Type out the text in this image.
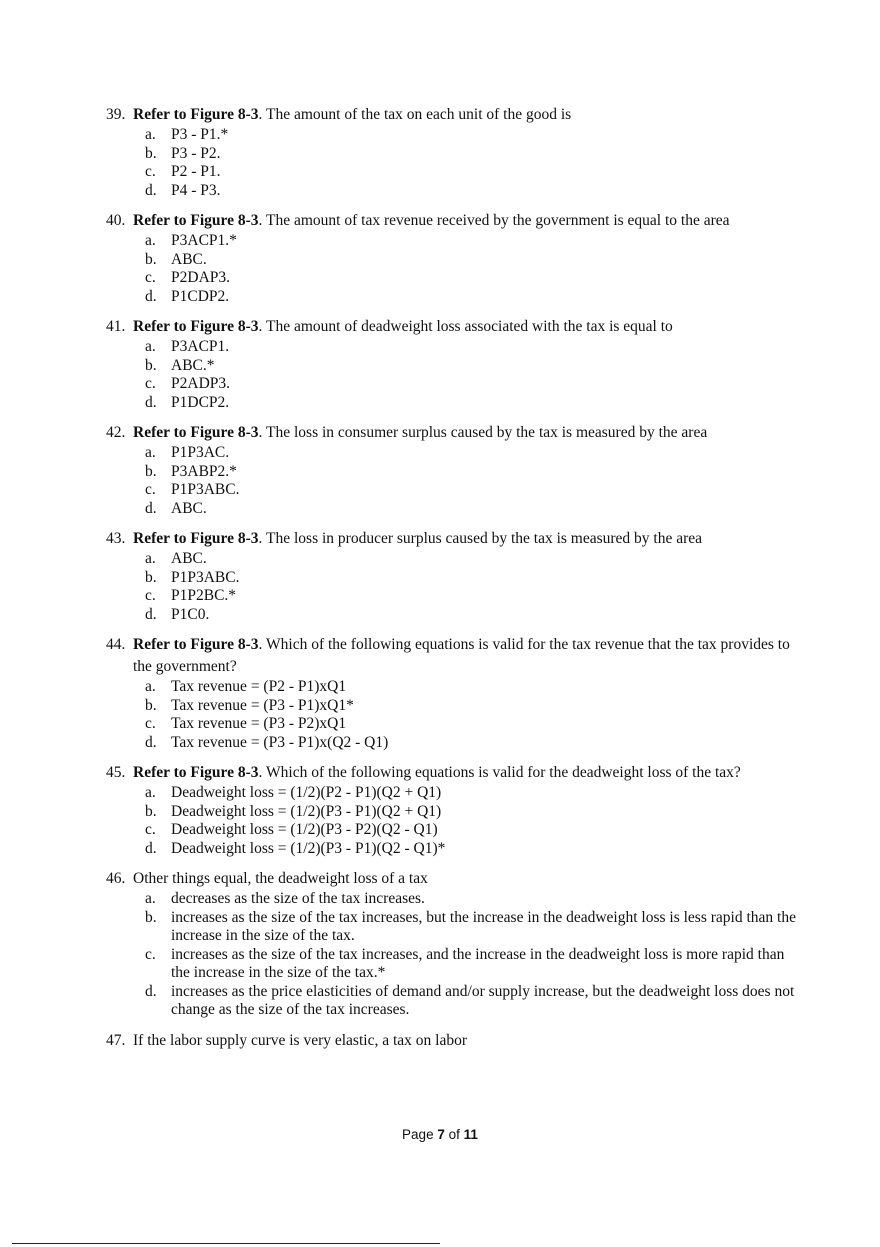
39. Refer to Figure 8-3. The amount of the tax on each unit of the good is
a. P3 - P1.*
b. P3 - P2.
c. P2 - P1.
d. P4 - P3.
40. Refer to Figure 8-3. The amount of tax revenue received by the government is equal to the area
a. P3ACP1.*
b. ABC.
c. P2DAP3.
d. P1CDP2.
41. Refer to Figure 8-3. The amount of deadweight loss associated with the tax is equal to
a. P3ACP1.
b. ABC.*
c. P2ADP3.
d. P1DCP2.
42. Refer to Figure 8-3. The loss in consumer surplus caused by the tax is measured by the area
a. P1P3AC.
b. P3ABP2.*
c. P1P3ABC.
d. ABC.
43. Refer to Figure 8-3. The loss in producer surplus caused by the tax is measured by the area
a. ABC.
b. P1P3ABC.
c. P1P2BC.*
d. P1C0.
44. Refer to Figure 8-3. Which of the following equations is valid for the tax revenue that the tax provides to the government?
a. Tax revenue = (P2 - P1)xQ1
b. Tax revenue = (P3 - P1)xQ1*
c. Tax revenue = (P3 - P2)xQ1
d. Tax revenue = (P3 - P1)x(Q2 - Q1)
45. Refer to Figure 8-3. Which of the following equations is valid for the deadweight loss of the tax?
a. Deadweight loss = (1/2)(P2 - P1)(Q2 + Q1)
b. Deadweight loss = (1/2)(P3 - P1)(Q2 + Q1)
c. Deadweight loss = (1/2)(P3 - P2)(Q2 - Q1)
d. Deadweight loss = (1/2)(P3 - P1)(Q2 - Q1)*
46. Other things equal, the deadweight loss of a tax
a. decreases as the size of the tax increases.
b. increases as the size of the tax increases, but the increase in the deadweight loss is less rapid than the increase in the size of the tax.
c. increases as the size of the tax increases, and the increase in the deadweight loss is more rapid than the increase in the size of the tax.*
d. increases as the price elasticities of demand and/or supply increase, but the deadweight loss does not change as the size of the tax increases.
47. If the labor supply curve is very elastic, a tax on labor
Page 7 of 11
